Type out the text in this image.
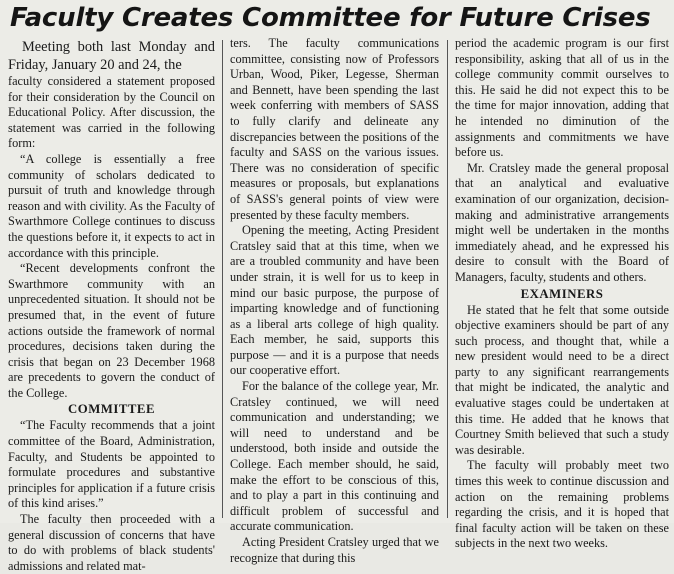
Faculty Creates Committee for Future Crises

Meeting both last Monday and Friday, January 20 and 24, the

faculty considered a statement proposed for their consideration by the Council on Educational Policy. After discussion, the statement was carried in the following form:

“A college is essentially a free community of scholars dedicated to pursuit of truth and knowledge through reason and with civility. As the Faculty of Swarthmore College continues to discuss the questions before it, it expects to act in accordance with this principle.

“Recent developments confront the Swarthmore community with an unprecedented situation. It should not be presumed that, in the event of future actions outside the framework of normal procedures, decisions taken during the crisis that began on 23 December 1968 are precedents to govern the conduct of the College.

COMMITTEE

“The Faculty recommends that a joint committee of the Board, Administration, Faculty, and Students be appointed to formulate procedures and substantive principles for application if a future crisis of this kind arises.”

The faculty then proceeded with a general discussion of concerns that have to do with problems of black students' admissions and related mat-

ters. The faculty communications committee, consisting now of Professors Urban, Wood, Piker, Legesse, Sherman and Bennett, have been spending the last week conferring with members of SASS to fully clarify and delineate any discrepancies between the positions of the faculty and SASS on the various issues. There was no consideration of specific measures or proposals, but explanations of SASS's general points of view were presented by these faculty members.

Opening the meeting, Acting President Cratsley said that at this time, when we are a troubled community and have been under strain, it is well for us to keep in mind our basic purpose, the purpose of imparting knowledge and of functioning as a liberal arts college of high quality. Each member, he said, supports this purpose — and it is a purpose that needs our cooperative effort.

For the balance of the college year, Mr. Cratsley continued, we will need communication and understanding; we will need to understand and be understood, both inside and outside the College. Each member should, he said, make the effort to be conscious of this, and to play a part in this continuing and difficult problem of successful and accurate communication.

Acting President Cratsley urged that we recognize that during this

period the academic program is our first responsibility, asking that all of us in the college community commit ourselves to this. He said he did not expect this to be the time for major innovation, adding that he intended no diminution of the assignments and commitments we have before us.

Mr. Cratsley made the general proposal that an analytical and evaluative examination of our organization, decision-making and administrative arrangements might well be undertaken in the months immediately ahead, and he expressed his desire to consult with the Board of Managers, faculty, students and others.

EXAMINERS

He stated that he felt that some outside objective examiners should be part of any such process, and thought that, while a new president would need to be a direct party to any significant rearrangements that might be indicated, the analytic and evaluative stages could be undertaken at this time. He added that he knows that Courtney Smith believed that such a study was desirable.

The faculty will probably meet two times this week to continue discussion and action on the remaining problems regarding the crisis, and it is hoped that final faculty action will be taken on these subjects in the next two weeks.
